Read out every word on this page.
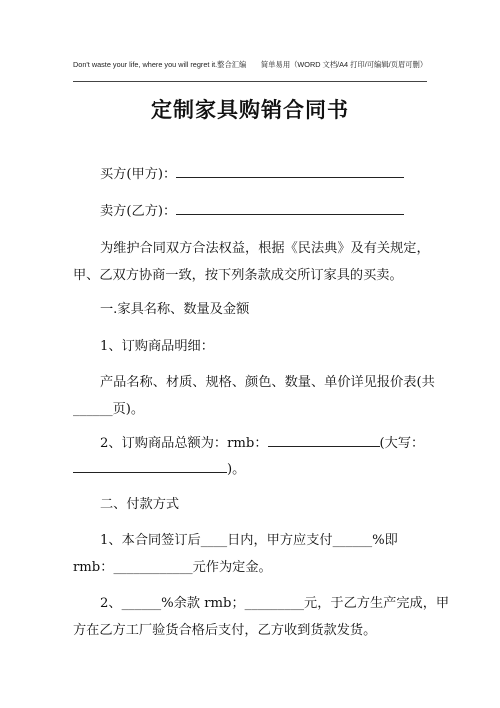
Don't waste your life, where you will regret it.整合汇编　　简单易用（WORD 文档/A4 打印/可编辑/页眉可删）
定制家具购销合同书
买方(甲方)：
卖方(乙方)：
为维护合同双方合法权益，根据《民法典》及有关规定，
甲、乙双方协商一致，按下列条款成交所订家具的买卖。
一.家具名称、数量及金额
1、订购商品明细：
产品名称、材质、规格、颜色、数量、单价详见报价表(共
______页)。
2、订购商品总额为：rmb：	(大写：
)。
二、付款方式
1、本合同签订后____日内，甲方应支付______%即
rmb：____________元作为定金。
2、______%余款 rmb；_________元，于乙方生产完成，甲
方在乙方工厂验货合格后支付，乙方收到货款发货。
